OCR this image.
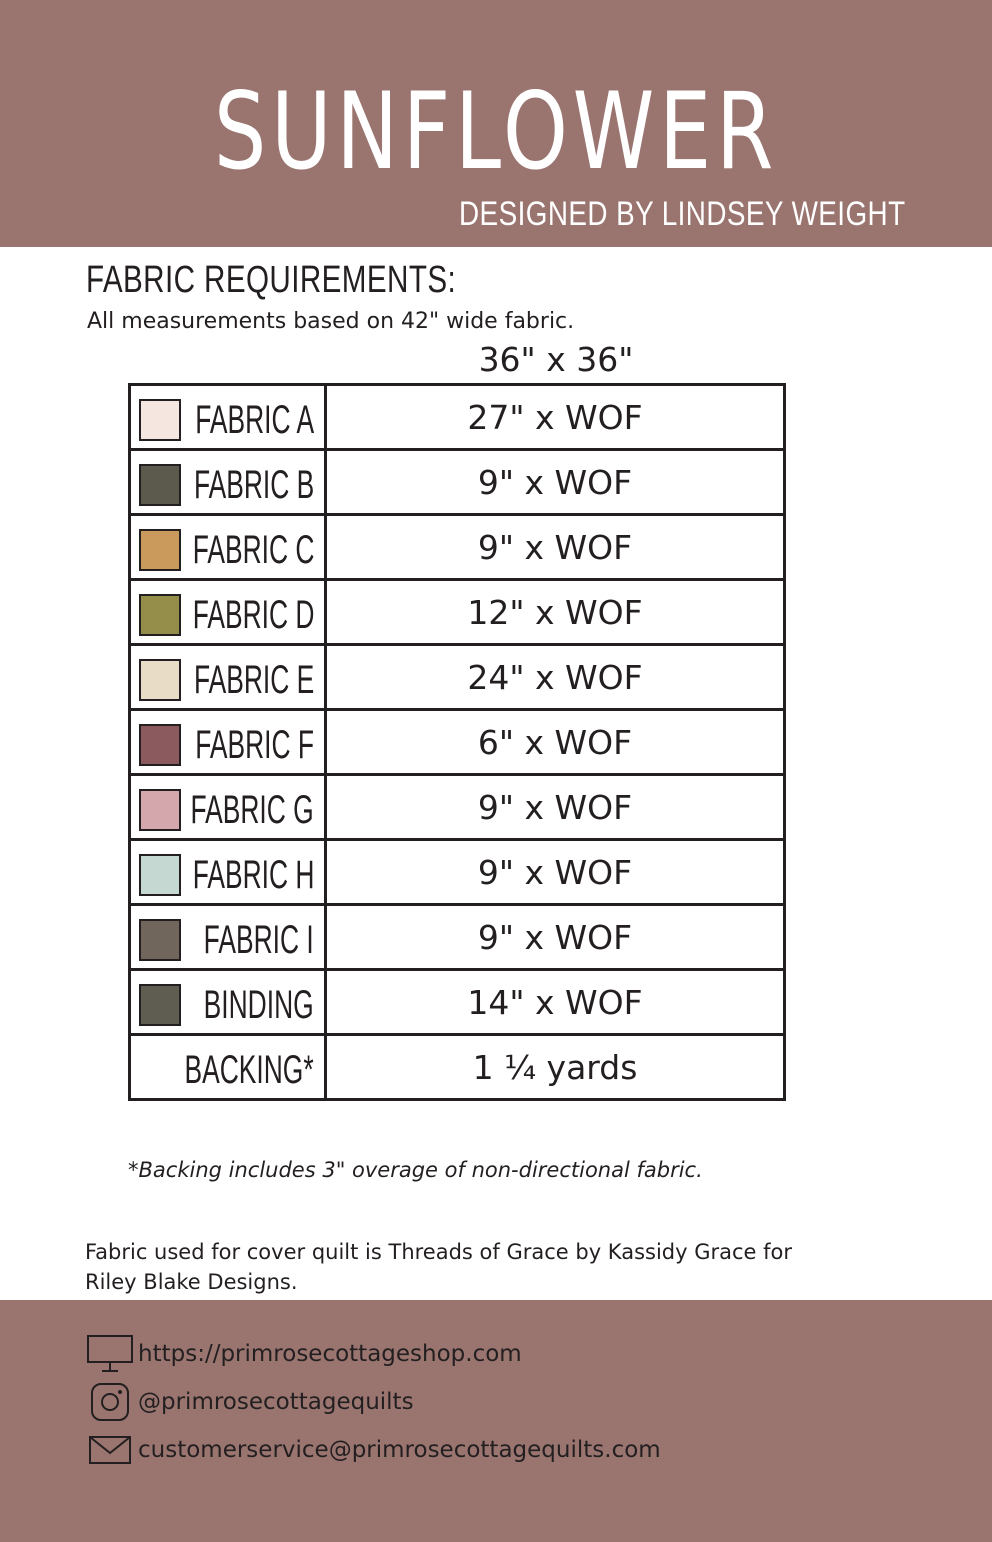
SUNFLOWER
DESIGNED BY LINDSEY WEIGHT
FABRIC REQUIREMENTS:
All measurements based on 42" wide fabric.
36" x 36"
FABRIC A	27" x WOF

FABRIC B	9" x WOF

FABRIC C	9" x WOF

FABRIC D	12" x WOF

FABRIC E	24" x WOF

FABRIC F	6" x WOF

FABRIC G	9" x WOF

FABRIC H	9" x WOF

FABRIC I	9" x WOF

BINDING	14" x WOF

BACKING*	1 ¼ yards
*Backing includes 3" overage of non-directional fabric.
Fabric used for cover quilt is Threads of Grace by Kassidy Grace for Riley Blake Designs.
https://primrosecottageshop.com
@primrosecottagequilts
customerservice@primrosecottagequilts.com
